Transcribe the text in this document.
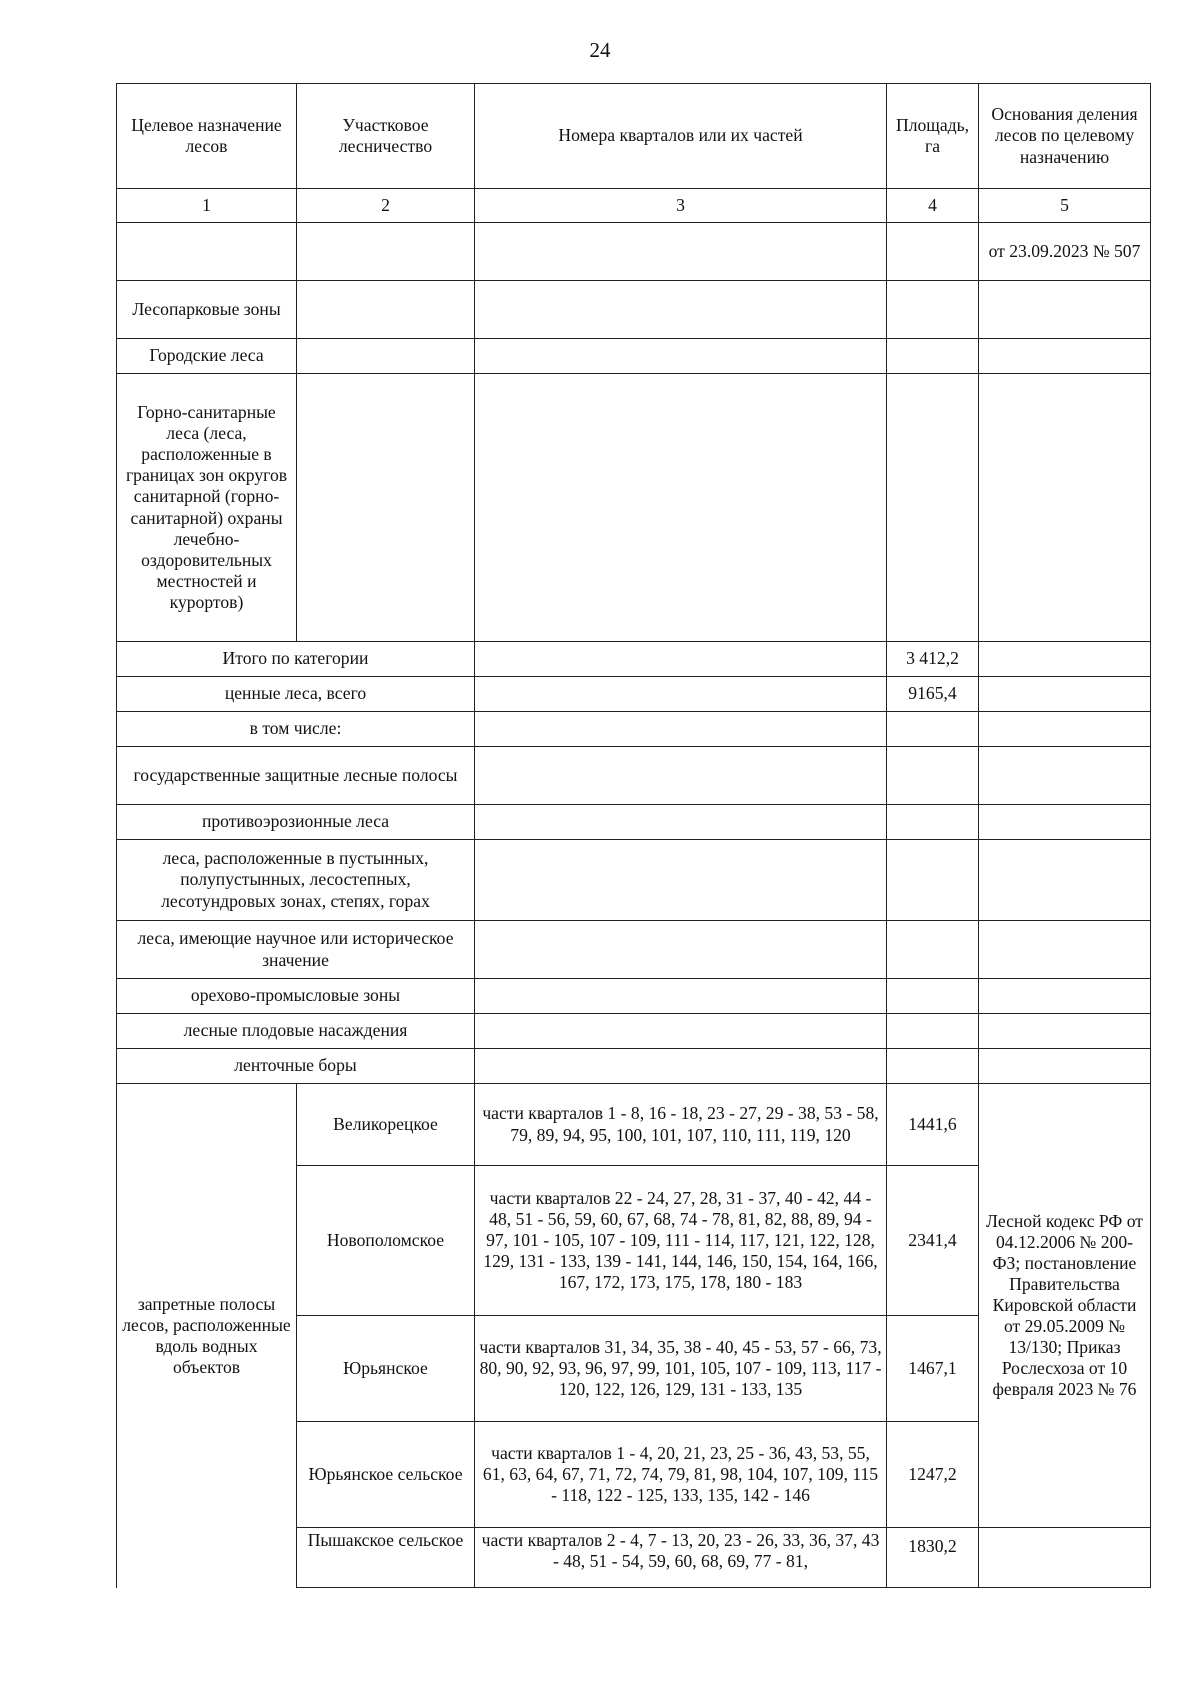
24
Целевое назначение лесов	Участковое лесничество	Номера кварталов или их частей	Площадь, га	Основания деления лесов по целевому назначению
1	2	3	4	5
				от 23.09.2023 № 507
Лесопарковые зоны				
Городские леса				
Горно-санитарные леса (леса, расположенные в границах зон округов санитарной (горно-санитарной) охраны лечебно-оздоровительных местностей и курортов)				
Итого по категории			3 412,2	
ценные леса, всего			9165,4	
в том числе:				
государственные защитные лесные полосы				
противоэрозионные леса				
леса, расположенные в пустынных, полупустынных, лесостепных, лесотундровых зонах, степях, горах				
леса, имеющие научное или историческое значение				
орехово-промысловые зоны				
лесные плодовые насаждения				
ленточные боры				
запретные полосы лесов, расположенные вдоль водных объектов	Великорецкое	части кварталов 1 - 8, 16 - 18, 23 - 27, 29 - 38, 53 - 58, 79, 89, 94, 95, 100, 101, 107, 110, 111, 119, 120	1441,6	Лесной кодекс РФ от 04.12.2006 № 200-ФЗ; постановление Правительства Кировской области от 29.05.2009 № 13/130; Приказ Рослесхоза от 10 февраля 2023 № 76
	Новополомское	части кварталов 22 - 24, 27, 28, 31 - 37, 40 - 42, 44 - 48, 51 - 56, 59, 60, 67, 68, 74 - 78, 81, 82, 88, 89, 94 - 97, 101 - 105, 107 - 109, 111 - 114, 117, 121, 122, 128, 129, 131 - 133, 139 - 141, 144, 146, 150, 154, 164, 166, 167, 172, 173, 175, 178, 180 - 183	2341,4	
	Юрьянское	части кварталов 31, 34, 35, 38 - 40, 45 - 53, 57 - 66, 73, 80, 90, 92, 93, 96, 97, 99, 101, 105, 107 - 109, 113, 117 - 120, 122, 126, 129, 131 - 133, 135	1467,1	
	Юрьянское сельское	части кварталов 1 - 4, 20, 21, 23, 25 - 36, 43, 53, 55, 61, 63, 64, 67, 71, 72, 74, 79, 81, 98, 104, 107, 109, 115 - 118, 122 - 125, 133, 135, 142 - 146	1247,2	
	Пышакское сельское	части кварталов 2 - 4, 7 - 13, 20, 23 - 26, 33, 36, 37, 43 - 48, 51 - 54, 59, 60, 68, 69, 77 - 81,	1830,2	
